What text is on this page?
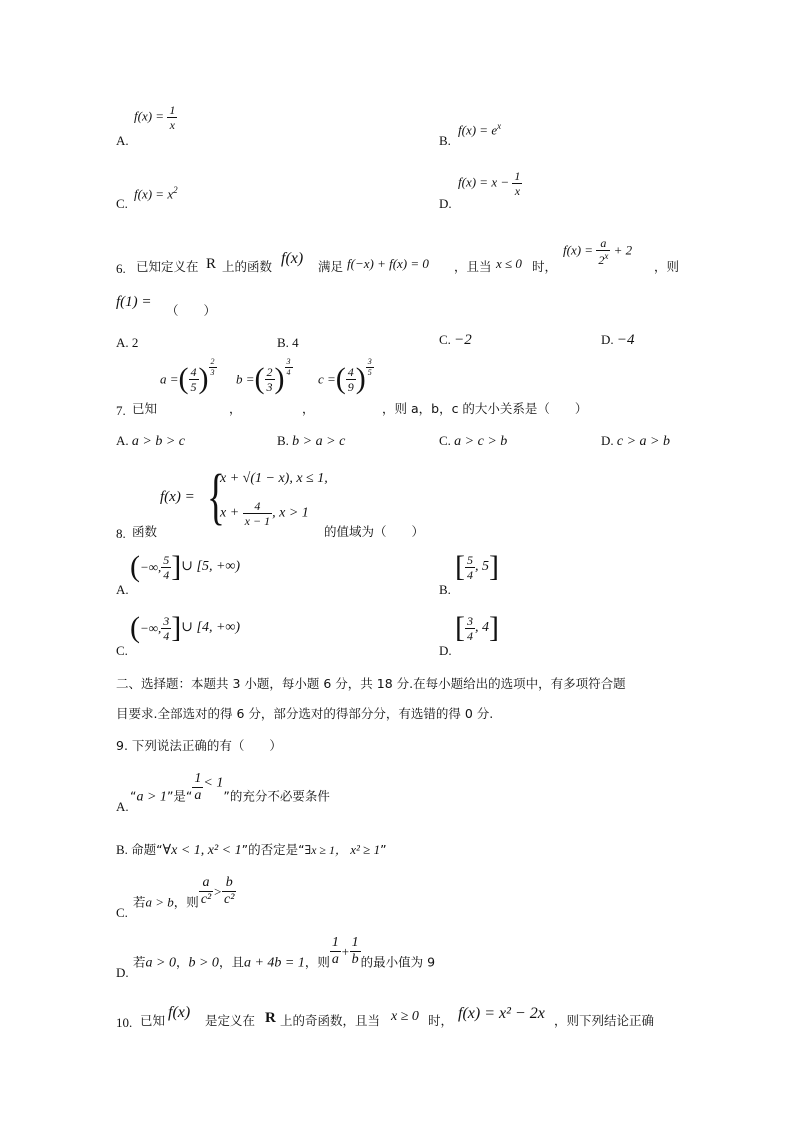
A.
$f(x) = \frac{1}{x}$
B.
$f(x) = e^x$
C.
$f(x) = x^2$
D.
$f(x) = x - \frac{1}{x}$
6. 已知定义在 R 上的函数 f(x) 满足 f(−x) + f(x) = 0 ，且当 x ≤ 0 时，
$f(x) = \frac{a}{2^x} + 2$
，则
f(1) =
（　　）
A. 2	B. 4	C. −2	D. −4
7. 已知
a =( $\frac{4}{5}$ ) $\frac{2}{3}$
，
b =( $\frac{2}{3}$ ) $\frac{3}{4}$
，
c =( $\frac{4}{9}$ ) $\frac{3}{5}$
，则 a，b，c 的大小关系是（　　）
A. a > b > c	B. b > a > c	C. a > c > b	D. c > a > b
8. 函数
f(x) = {
x + √(1 − x), x ≤ 1,
$x + \frac{4}{x - 1}$ , x > 1
的值域为（　　）
A.
(−∞, $\frac{5}{4}$ ]∪ [5, +∞)
B.
[ $\frac{5}{4}$ , 5]
C.
(−∞, $\frac{3}{4}$ ]∪ [4, +∞)
D.
[ $\frac{3}{4}$ , 4]
二、选择题：本题共 3 小题，每小题 6 分，共 18 分.在每小题给出的选项中，有多项符合题
目要求.全部选对的得 6 分，部分选对的得部分分，有选错的得 0 分.
9. 下列说法正确的有（　　）
A.
“a > 1”是“ $\frac{1}{a} < 1$”的充分不必要条件
B. 命题“∀x < 1, x² < 1”的否定是“∃x ≥ 1， x² ≥ 1”
C.
若a > b，则 $\frac{a}{\text{c²}} > \frac{b}{\text{c²}}$
D.
若a > 0，b > 0，且a + 4b = 1，则 $\frac{1}{a} + \frac{1}{b}$ 的最小值为 9
10. 已知 f(x) 是定义在 R 上的奇函数，且当 x ≥ 0 时， f(x) = x² − 2x ，则下列结论正确
